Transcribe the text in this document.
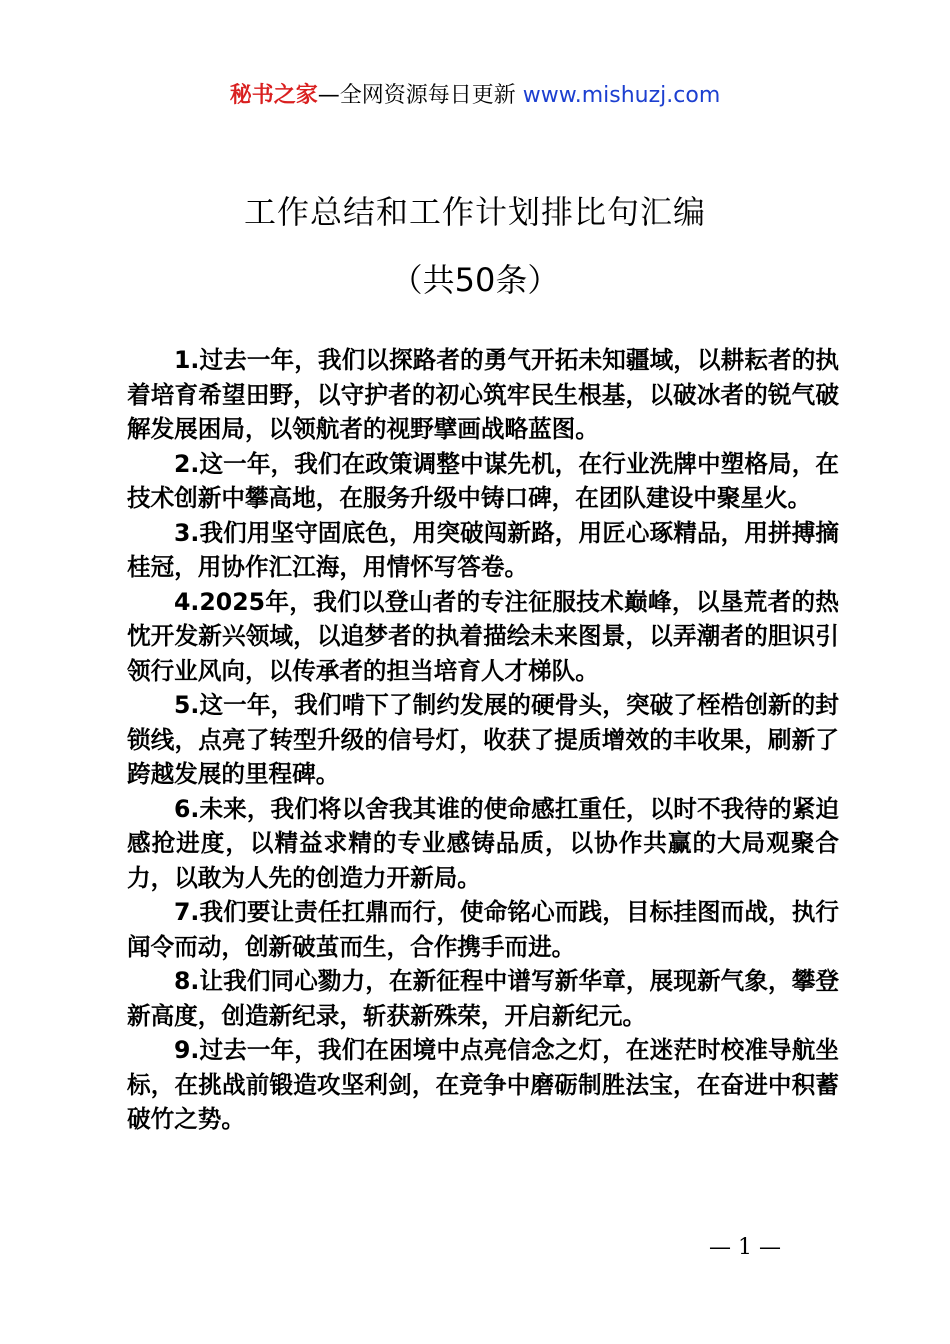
秘书之家—全网资源每日更新 www.mishuzj.com
工作总结和工作计划排比句汇编
（共50条）

1.过去一年，我们以探路者的勇气开拓未知疆域，以耕耘者的执着培育希望田野，以守护者的初心筑牢民生根基，以破冰者的锐气破解发展困局，以领航者的视野擘画战略蓝图。

2.这一年，我们在政策调整中谋先机，在行业洗牌中塑格局，在技术创新中攀高地，在服务升级中铸口碑，在团队建设中聚星火。

3.我们用坚守固底色，用突破闯新路，用匠心琢精品，用拼搏摘桂冠，用协作汇江海，用情怀写答卷。

4.2025年，我们以登山者的专注征服技术巅峰，以垦荒者的热忱开发新兴领域，以追梦者的执着描绘未来图景，以弄潮者的胆识引领行业风向，以传承者的担当培育人才梯队。

5.这一年，我们啃下了制约发展的硬骨头，突破了桎梏创新的封锁线，点亮了转型升级的信号灯，收获了提质增效的丰收果，刷新了跨越发展的里程碑。

6.未来，我们将以舍我其谁的使命感扛重任，以时不我待的紧迫感抢进度，以精益求精的专业感铸品质，以协作共赢的大局观聚合力，以敢为人先的创造力开新局。

7.我们要让责任扛鼎而行，使命铭心而践，目标挂图而战，执行闻令而动，创新破茧而生，合作携手而进。

8.让我们同心勠力，在新征程中谱写新华章，展现新气象，攀登新高度，创造新纪录，斩获新殊荣，开启新纪元。

9.过去一年，我们在困境中点亮信念之灯，在迷茫时校准导航坐标，在挑战前锻造攻坚利剑，在竞争中磨砺制胜法宝，在奋进中积蓄破竹之势。

— 1 —
